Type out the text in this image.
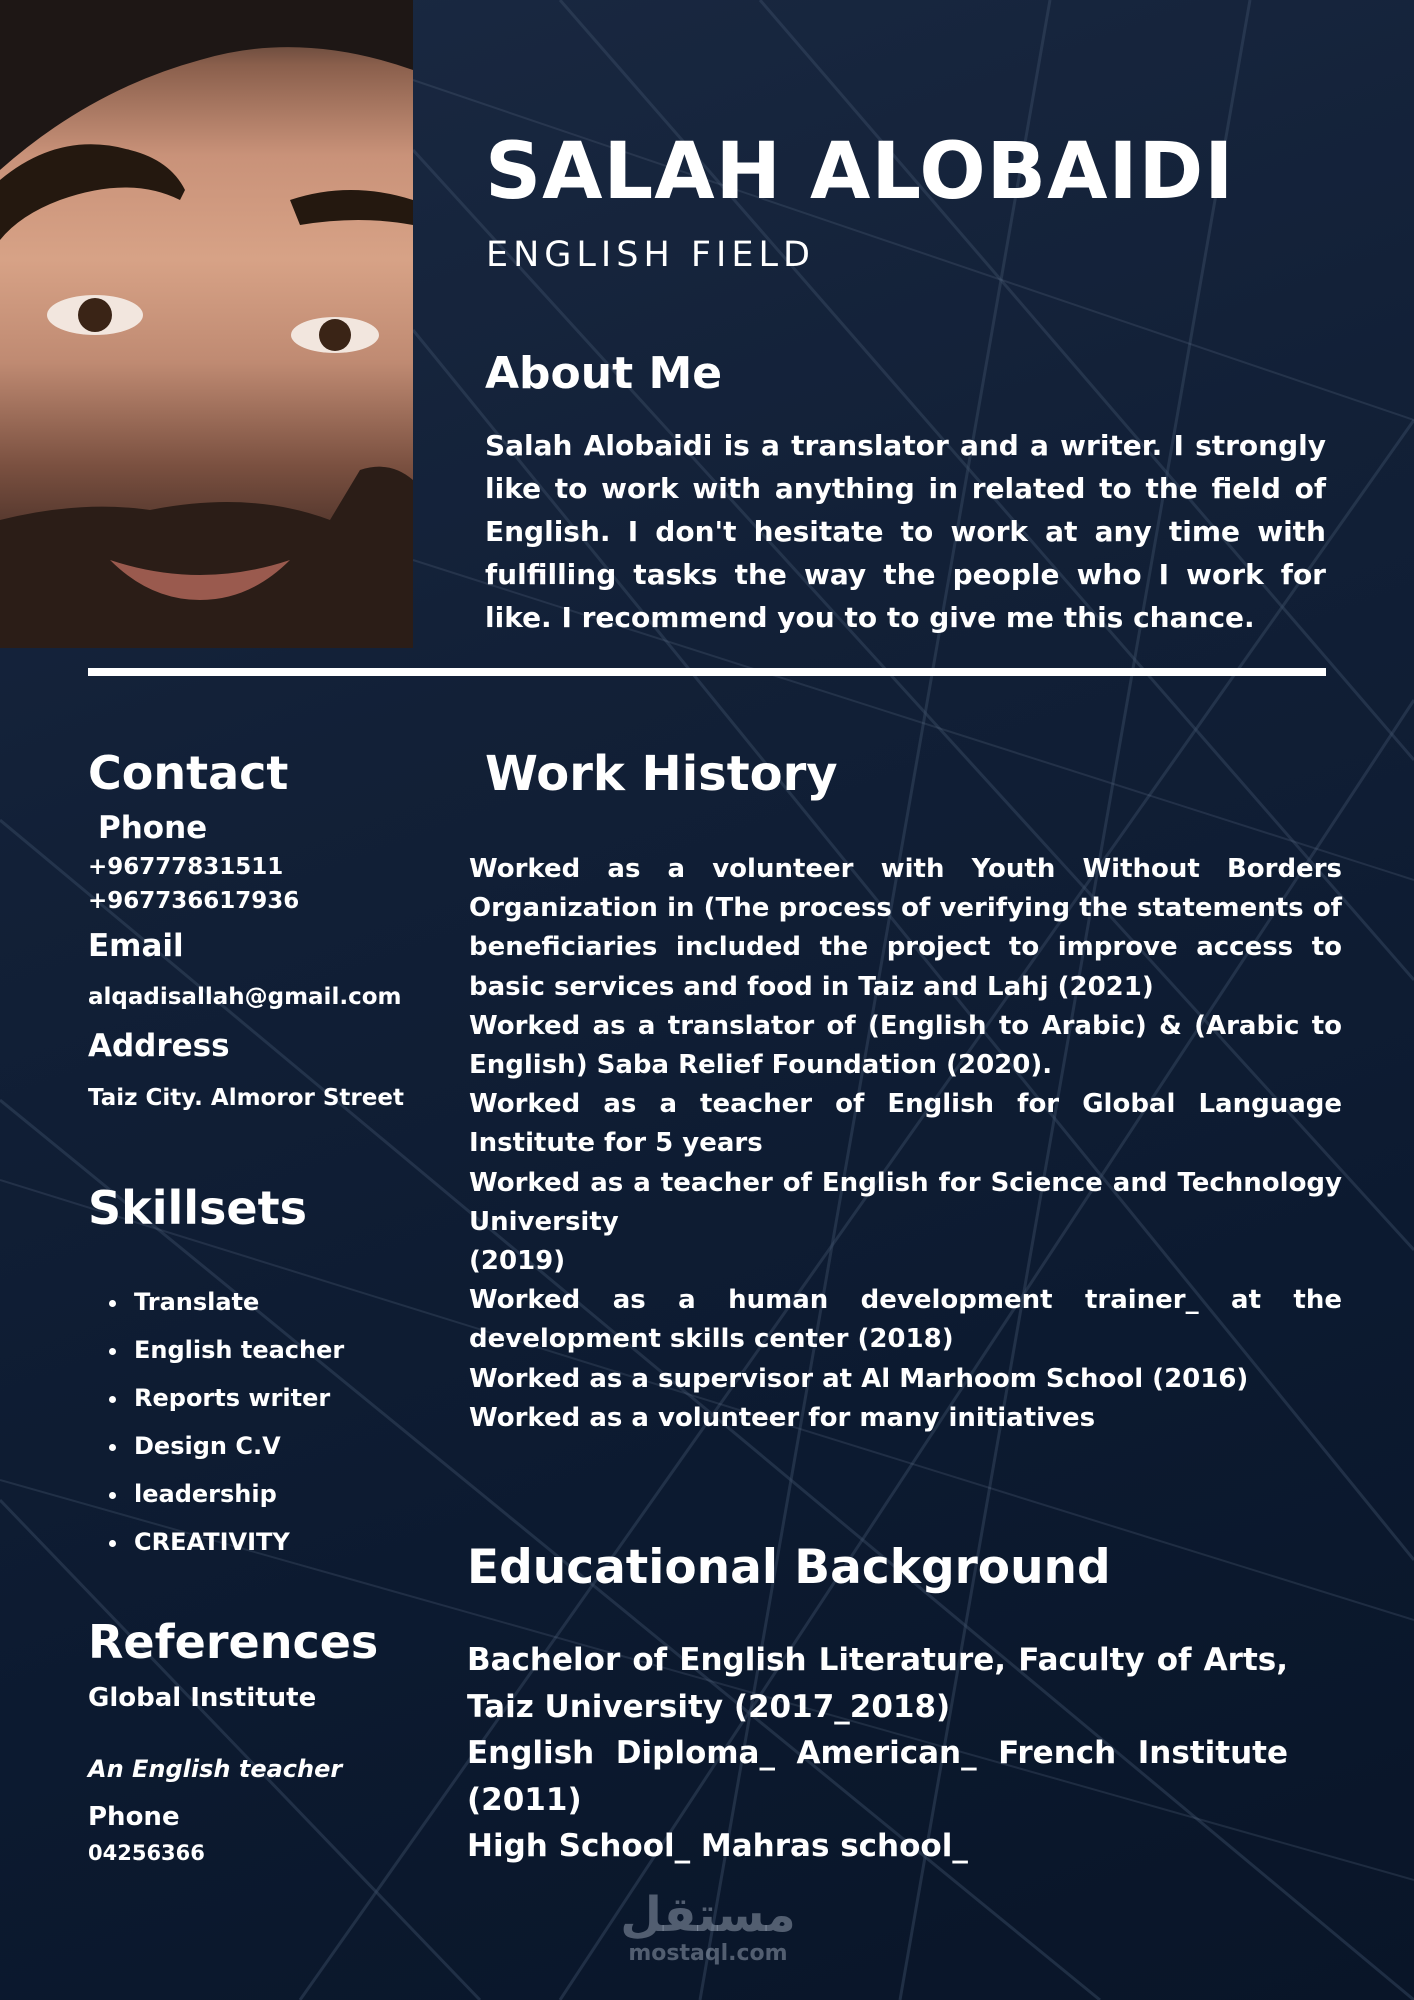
SALAH ALOBAIDI
ENGLISH FIELD
About Me
Salah Alobaidi is a translator and a writer. I strongly like to work with anything in related to the field of English. I don't hesitate to work at any time with fulfilling tasks the way the people who I work for like. I recommend you to to give me this chance.
Contact
Phone
+96777831511
+967736617936
Email
alqadisallah@gmail.com
Address
Taiz City. Almoror Street
Skillsets
• Translate
• English teacher
• Reports writer
• Design C.V
• leadership
• CREATIVITY
References
Global Institute
An English teacher
Phone
04256366
Work History

Worked as a volunteer with Youth Without Borders Organization in (The process of verifying the statements of beneficiaries included the project to improve access to basic services and food in Taiz and Lahj (2021)

Worked as a translator of (English to Arabic) & (Arabic to English) Saba Relief Foundation (2020).

Worked as a teacher of English for Global Language Institute for 5 years

Worked as a teacher of English for Science and Technology University

(2019)

Worked as a human development trainer_ at the development skills center (2018)

Worked as a supervisor at Al Marhoom School (2016)

Worked as a volunteer for many initiatives

Educational Background

Bachelor of English Literature, Faculty of Arts, Taiz University (2017_2018)

English Diploma_ American_ French Institute (2011)

High School_ Mahras school_

مستقل
mostaql.com
